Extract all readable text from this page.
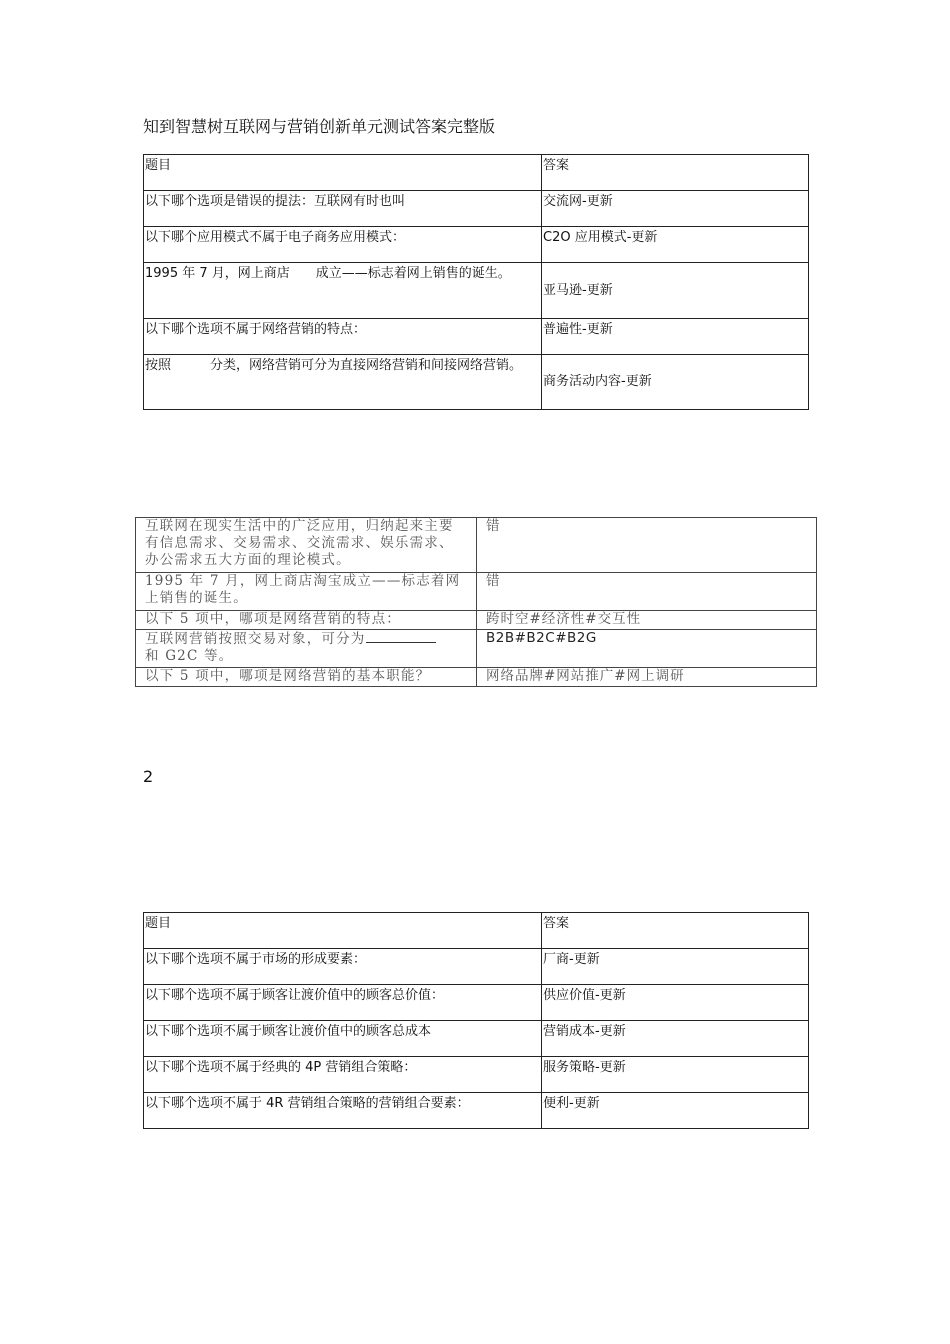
知到智慧树互联网与营销创新单元测试答案完整版
题目	答案
以下哪个选项是错误的提法：互联网有时也叫	交流网-更新
以下哪个应用模式不属于电子商务应用模式：	C2O 应用模式-更新
1995 年 7 月，网上商店　　成立——标志着网上销售的诞生。	亚马逊-更新
以下哪个选项不属于网络营销的特点：	普遍性-更新
按照　　　分类，网络营销可分为直接网络营销和间接网络营销。	商务活动内容-更新
互联网在现实生活中的广泛应用，归纳起来主要有信息需求、交易需求、交流需求、娱乐需求、办公需求五大方面的理论模式。	错
1995 年 7 月，网上商店淘宝成立——标志着网上销售的诞生。	错
以下 5 项中，哪项是网络营销的特点：	跨时空#经济性#交互性
互联网营销按照交易对象，可分为
和 G2C 等。	B2B#B2C#B2G
以下 5 项中，哪项是网络营销的基本职能？	网络品牌#网站推广#网上调研
2
题目	答案
以下哪个选项不属于市场的形成要素：	厂商-更新
以下哪个选项不属于顾客让渡价值中的顾客总价值：	供应价值-更新
以下哪个选项不属于顾客让渡价值中的顾客总成本	营销成本-更新
以下哪个选项不属于经典的 4P 营销组合策略：	服务策略-更新
以下哪个选项不属于 4R 营销组合策略的营销组合要素：	便利-更新
